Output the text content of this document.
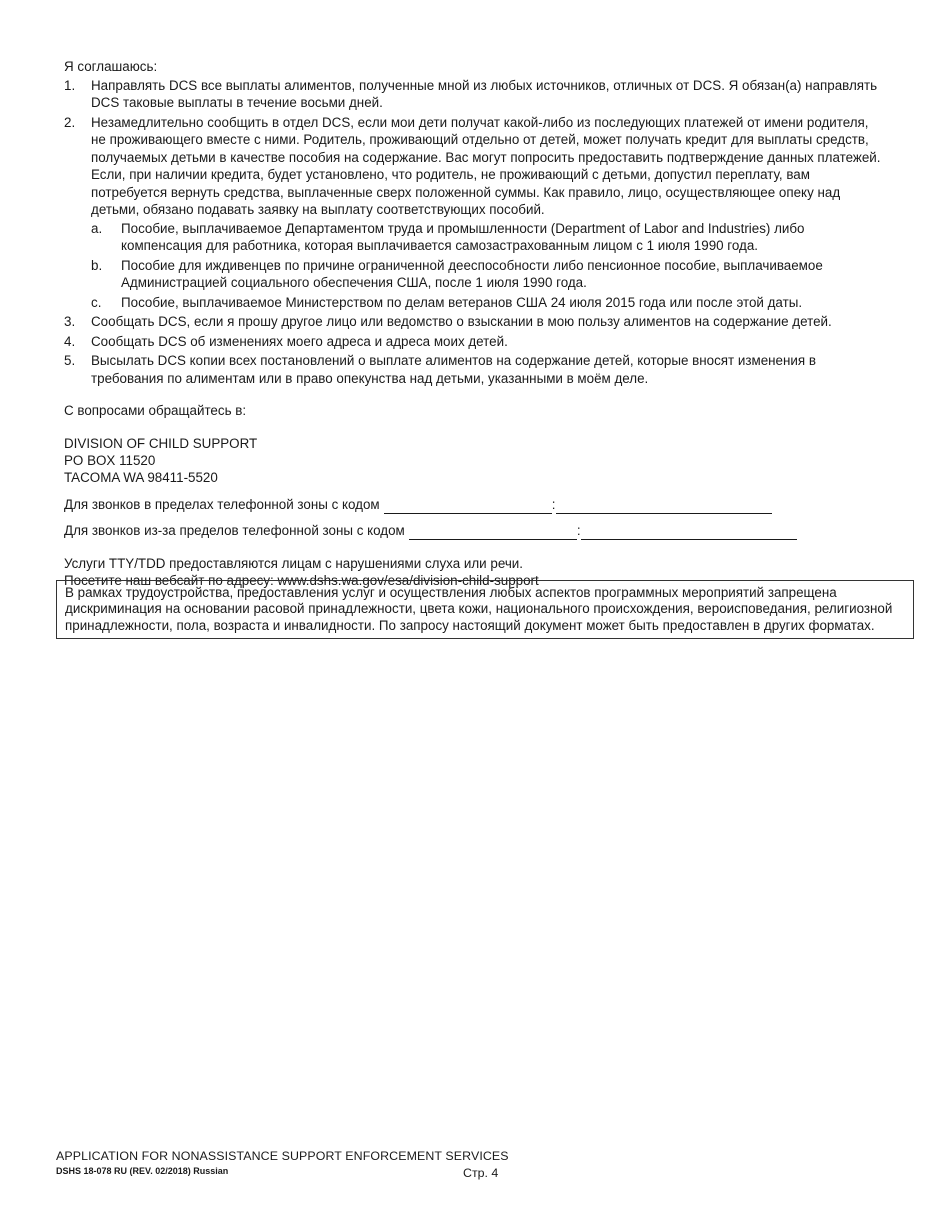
Я соглашаюсь:
1. Направлять DCS все выплаты алиментов, полученные мной из любых источников, отличных от DCS. Я обязан(а) направлять DCS таковые выплаты в течение восьми дней.
2. Незамедлительно сообщить в отдел DCS, если мои дети получат какой-либо из последующих платежей от имени родителя, не проживающего вместе с ними. Родитель, проживающий отдельно от детей, может получать кредит для выплаты средств, получаемых детьми в качестве пособия на содержание. Вас могут попросить предоставить подтверждение данных платежей. Если, при наличии кредита, будет установлено, что родитель, не проживающий с детьми, допустил переплату, вам потребуется вернуть средства, выплаченные сверх положенной суммы. Как правило, лицо, осуществляющее опеку над детьми, обязано подавать заявку на выплату соответствующих пособий.
a. Пособие, выплачиваемое Департаментом труда и промышленности (Department of Labor and Industries) либо компенсация для работника, которая выплачивается самозастрахованным лицом с 1 июля 1990 года.
b. Пособие для иждивенцев по причине ограниченной дееспособности либо пенсионное пособие, выплачиваемое Администрацией социального обеспечения США, после 1 июля 1990 года.
c. Пособие, выплачиваемое Министерством по делам ветеранов США 24 июля 2015 года или после этой даты.
3. Сообщать DCS, если я прошу другое лицо или ведомство о взыскании в мою пользу алиментов на содержание детей.
4. Сообщать DCS об изменениях моего адреса и адреса моих детей.
5. Высылать DCS копии всех постановлений о выплате алиментов на содержание детей, которые вносят изменения в требования по алиментам или в право опекунства над детьми, указанными в моём деле.
С вопросами обращайтесь в:
DIVISION OF CHILD SUPPORT
PO BOX 11520
TACOMA WA 98411-5520
Для звонков в пределах телефонной зоны с кодом	:
Для звонков из-за пределов телефонной зоны с кодом	:
Услуги TTY/TDD предоставляются лицам с нарушениями слуха или речи.
Посетите наш вебсайт по адресу: www.dshs.wa.gov/esa/division-child-support
В рамках трудоустройства, предоставления услуг и осуществления любых аспектов программных мероприятий запрещена дискриминация на основании расовой принадлежности, цвета кожи, национального происхождения, вероисповедания, религиозной принадлежности, пола, возраста и инвалидности. По запросу настоящий документ может быть предоставлен в других форматах.
APPLICATION FOR NONASSISTANCE SUPPORT ENFORCEMENT SERVICES
DSHS 18-078 RU (REV. 02/2018) Russian	Стр. 4
